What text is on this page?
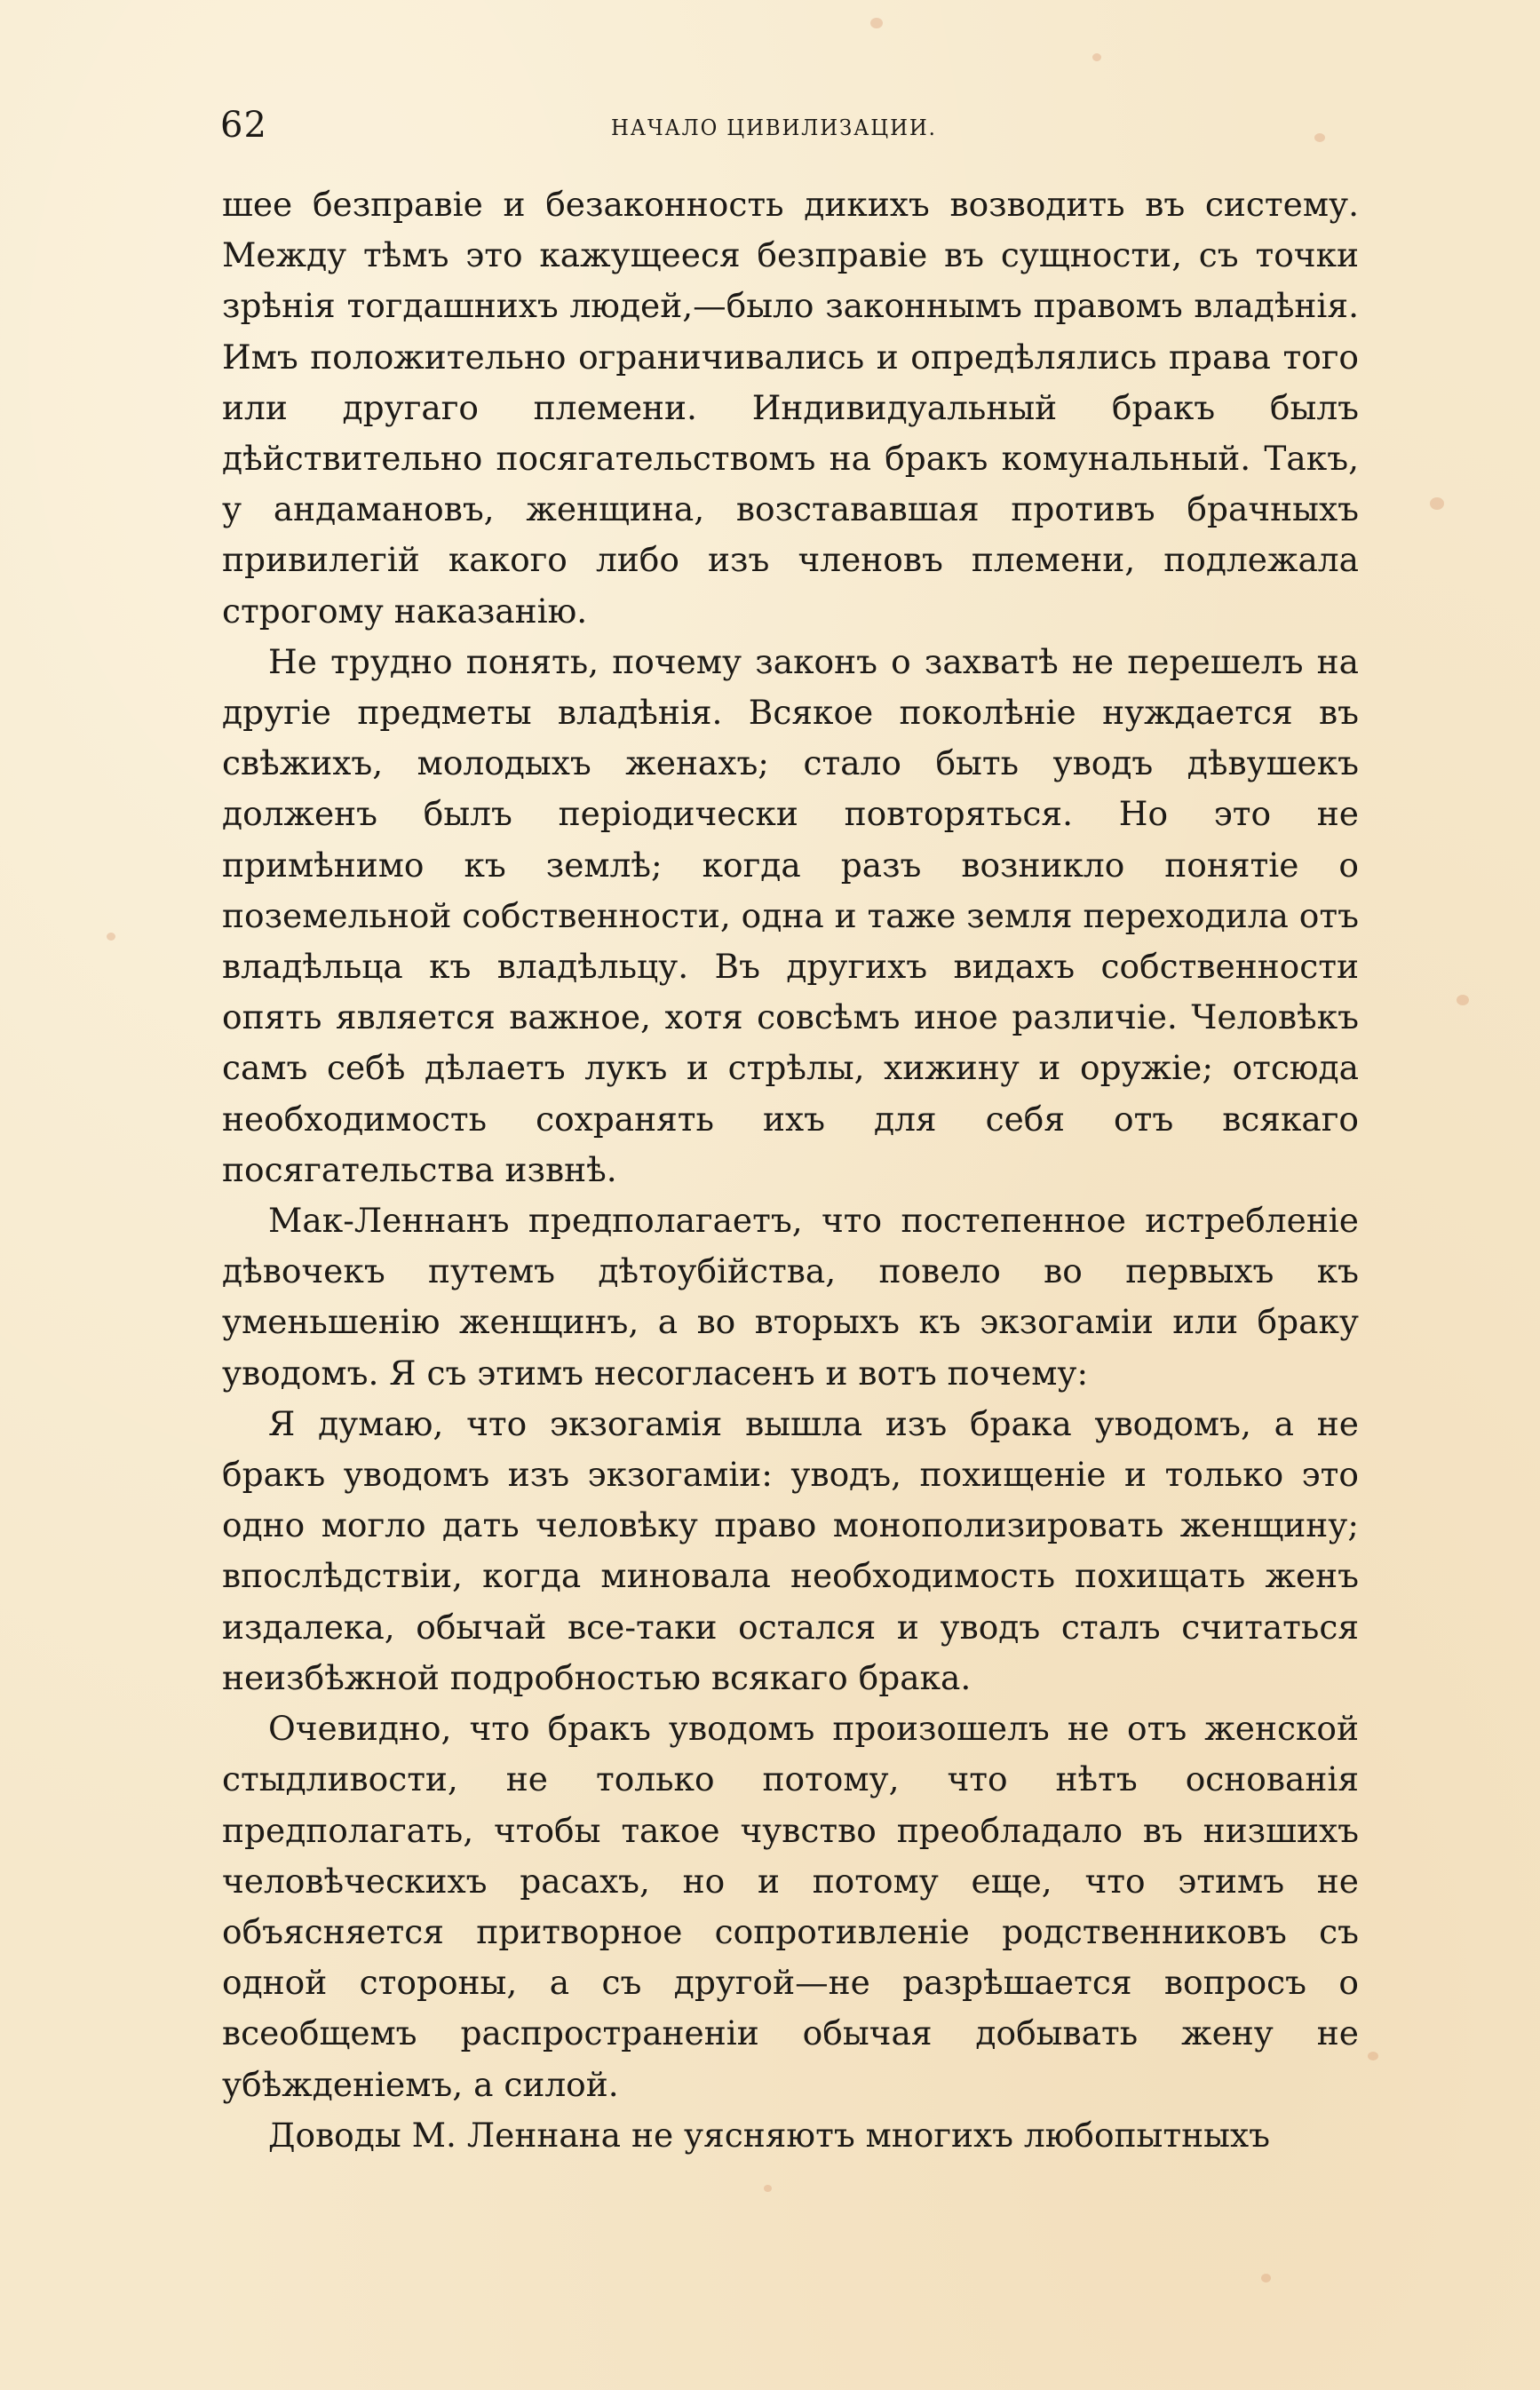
62	НАЧАЛО ЦИВИЛИЗАЦИИ.

шее безправіе и безаконность дикихъ возводить въ систему. Между тѣмъ это кажущееся безправіе въ сущности, съ точки зрѣнія тогдашнихъ людей,—было законнымъ правомъ владѣнія. Имъ положительно ограничивались и опредѣлялись права того или другаго племени. Индивидуальный бракъ былъ дѣйствительно посягательствомъ на бракъ комунальный. Такъ, у андамановъ, женщина, возстававшая противъ брачныхъ привилегій какого либо изъ членовъ племени, подлежала строгому наказанію.

Не трудно понять, почему законъ о захватѣ не перешелъ на другіе предметы владѣнія. Всякое поколѣніе нуждается въ свѣжихъ, молодыхъ женахъ; стало быть уводъ дѣвушекъ долженъ былъ періодически повторяться. Но это не примѣнимо къ землѣ; когда разъ возникло понятіе о поземельной собственности, одна и таже земля переходила отъ владѣльца къ владѣльцу. Въ другихъ видахъ собственности опять является важное, хотя совсѣмъ иное различіе. Человѣкъ самъ себѣ дѣлаетъ лукъ и стрѣлы, хижину и оружіе; отсюда необходимость сохранять ихъ для себя отъ всякаго посягательства извнѣ.

Мак-Леннанъ предполагаетъ, что постепенное истребленіе дѣвочекъ путемъ дѣтоубійства, повело во первыхъ къ уменьшенію женщинъ, а во вторыхъ къ экзогаміи или браку уводомъ. Я съ этимъ несогласенъ и вотъ почему:

Я думаю, что экзогамія вышла изъ брака уводомъ, а не бракъ уводомъ изъ экзогаміи: уводъ, похищеніе и только это одно могло дать человѣку право монополизировать женщину; впослѣдствіи, когда миновала необходимость похищать женъ издалека, обычай все-таки остался и уводъ сталъ считаться неизбѣжной подробностью всякаго брака.

Очевидно, что бракъ уводомъ произошелъ не отъ женской стыдливости, не только потому, что нѣтъ основанія предполагать, чтобы такое чувство преобладало въ низшихъ человѣческихъ расахъ, но и потому еще, что этимъ не объясняется притворное сопротивленіе родственниковъ съ одной стороны, а съ другой—не разрѣшается вопросъ о всеобщемъ распространеніи обычая добывать жену не убѣжденіемъ, а силой.

Доводы М. Леннана не уясняютъ многихъ любопытныхъ
